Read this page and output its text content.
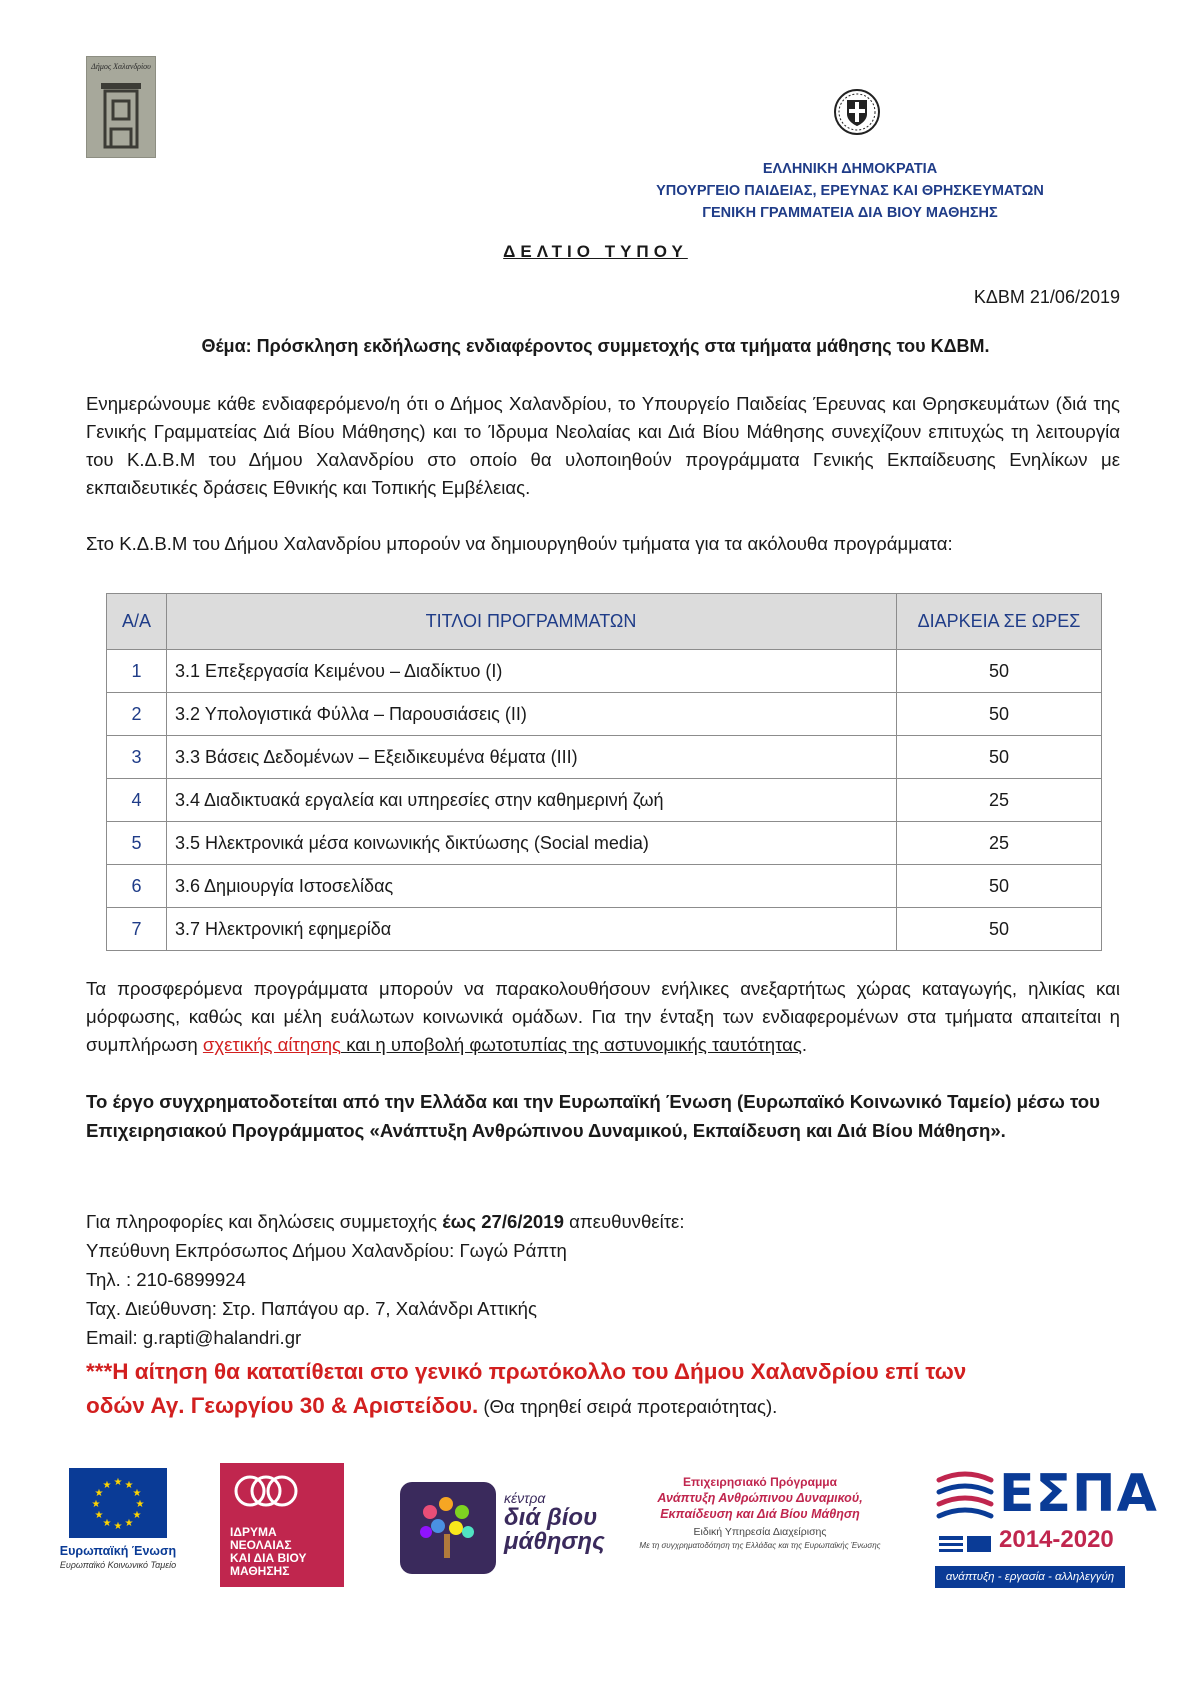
Δήμος Χαλανδρίου
ΕΛΛΗΝΙΚΗ ΔΗΜΟΚΡΑΤΙΑ
ΥΠΟΥΡΓΕΙΟ ΠΑΙΔΕΙΑΣ, ΕΡΕΥΝΑΣ ΚΑΙ ΘΡΗΣΚΕΥΜΑΤΩΝ
ΓΕΝΙΚΗ ΓΡΑΜΜΑΤΕΙΑ ΔΙΑ ΒΙΟΥ ΜΑΘΗΣΗΣ
ΔΕΛΤΙΟ ΤΥΠΟΥ
ΚΔΒΜ 21/06/2019
Θέμα: Πρόσκληση εκδήλωσης ενδιαφέροντος συμμετοχής στα τμήματα μάθησης του ΚΔΒΜ.
Ενημερώνουμε κάθε ενδιαφερόμενο/η ότι ο Δήμος Χαλανδρίου, το Υπουργείο Παιδείας Έρευνας και Θρησκευμάτων (διά της Γενικής Γραμματείας Διά Βίου Μάθησης) και το Ίδρυμα Νεολαίας και Διά Βίου Μάθησης συνεχίζουν επιτυχώς τη λειτουργία του Κ.Δ.Β.Μ του Δήμου Χαλανδρίου στο οποίο θα υλοποιηθούν προγράμματα Γενικής Εκπαίδευσης Ενηλίκων με εκπαιδευτικές δράσεις Εθνικής και Τοπικής Εμβέλειας.
Στο Κ.Δ.Β.Μ του Δήμου Χαλανδρίου μπορούν να δημιουργηθούν τμήματα για τα ακόλουθα προγράμματα:
Α/Α	ΤΙΤΛΟΙ ΠΡΟΓΡΑΜΜΑΤΩΝ	ΔΙΑΡΚΕΙΑ ΣΕ ΩΡΕΣ
1	3.1 Επεξεργασία Κειμένου – Διαδίκτυο (I)	50
2	3.2 Υπολογιστικά Φύλλα – Παρουσιάσεις (II)	50
3	3.3 Βάσεις Δεδομένων – Εξειδικευμένα θέματα (III)	50
4	3.4 Διαδικτυακά εργαλεία και υπηρεσίες στην καθημερινή ζωή	25
5	3.5 Ηλεκτρονικά μέσα κοινωνικής δικτύωσης (Social media)	25
6	3.6 Δημιουργία Ιστοσελίδας	50
7	3.7 Ηλεκτρονική εφημερίδα	50
Τα προσφερόμενα προγράμματα μπορούν να παρακολουθήσουν ενήλικες ανεξαρτήτως χώρας καταγωγής, ηλικίας και μόρφωσης, καθώς και μέλη ευάλωτων κοινωνικά ομάδων. Για την ένταξη των ενδιαφερομένων στα τμήματα απαιτείται η συμπλήρωση σχετικής αίτησης και η υποβολή φωτοτυπίας της αστυνομικής ταυτότητας.
Το έργο συγχρηματοδοτείται από την Ελλάδα και την Ευρωπαϊκή Ένωση (Ευρωπαϊκό Κοινωνικό Ταμείο) μέσω του Επιχειρησιακού Προγράμματος «Ανάπτυξη Ανθρώπινου Δυναμικού, Εκπαίδευση και Διά Βίου Μάθηση».
Για πληροφορίες και δηλώσεις συμμετοχής έως 27/6/2019 απευθυνθείτε:
Υπεύθυνη Εκπρόσωπος Δήμου Χαλανδρίου: Γωγώ Ράπτη
Τηλ. : 210-6899924
Ταχ. Διεύθυνση: Στρ. Παπάγου αρ. 7, Χαλάνδρι Αττικής
Email: g.rapti@halandri.gr
***Η αίτηση θα κατατίθεται στο γενικό πρωτόκολλο του Δήμου Χαλανδρίου επί των
οδών Αγ. Γεωργίου 30 & Αριστείδου. (Θα τηρηθεί σειρά προτεραιότητας).
★ ★
★
★
★
★
★
★
★
★
★
★
Ευρωπαϊκή Ένωση
Ευρωπαϊκό Κοινωνικό Ταμείο
ΙΔΡΥΜΑ
ΝΕΟΛΑΙΑΣ
ΚΑΙ ΔΙΑ ΒΙΟΥ
ΜΑΘΗΣΗΣ
κέντρα
διά βίου
μάθησης
Επιχειρησιακό Πρόγραμμα
Ανάπτυξη Ανθρώπινου Δυναμικού,
Εκπαίδευση και Διά Βίου Μάθηση
Ειδική Υπηρεσία Διαχείρισης
Με τη συγχρηματοδότηση της Ελλάδας και της Ευρωπαϊκής Ένωσης
ΕΣΠΑ
2014-2020
ανάπτυξη - εργασία - αλληλεγγύη
